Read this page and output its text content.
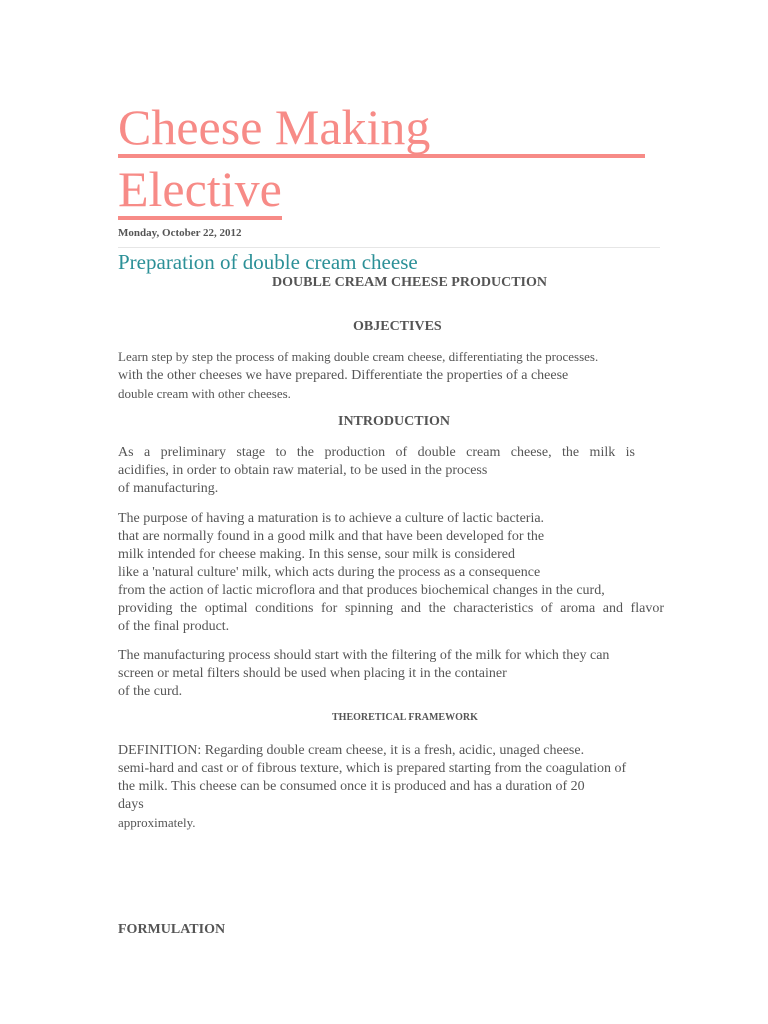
Cheese Making
Elective
Monday, October 22, 2012
Preparation of double cream cheese
DOUBLE CREAM CHEESE PRODUCTION
OBJECTIVES
Learn step by step the process of making double cream cheese, differentiating the processes.
with the other cheeses we have prepared. Differentiate the properties of a cheese
double cream with other cheeses.
INTRODUCTION
As a preliminary stage to the production of double cream cheese, the milk is
acidifies, in order to obtain raw material, to be used in the process
of manufacturing.
The purpose of having a maturation is to achieve a culture of lactic bacteria.
that are normally found in a good milk and that have been developed for the
milk intended for cheese making. In this sense, sour milk is considered
like a 'natural culture' milk, which acts during the process as a consequence
from the action of lactic microflora and that produces biochemical changes in the curd,
providing the optimal conditions for spinning and the characteristics of aroma and flavor
of the final product.
The manufacturing process should start with the filtering of the milk for which they can
screen or metal filters should be used when placing it in the container
of the curd.
THEORETICAL FRAMEWORK
DEFINITION: Regarding double cream cheese, it is a fresh, acidic, unaged cheese.
semi-hard and cast or of fibrous texture, which is prepared starting from the coagulation of
the milk. This cheese can be consumed once it is produced and has a duration of 20
days
approximately.
FORMULATION
